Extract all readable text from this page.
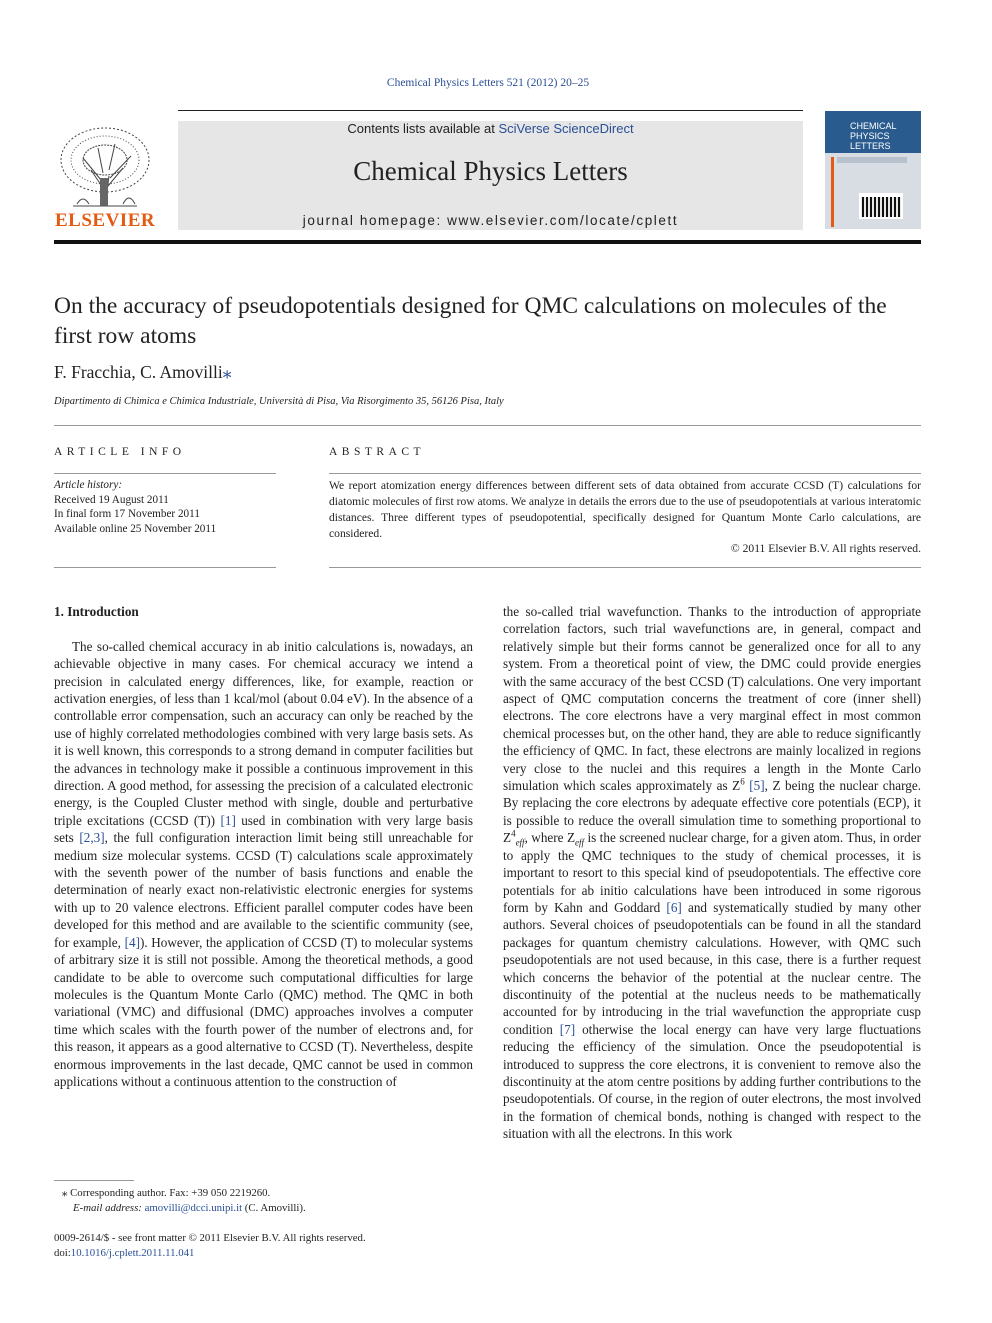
Chemical Physics Letters 521 (2012) 20–25
ELSEVIER
Contents lists available at SciVerse ScienceDirect
Chemical Physics Letters
journal homepage: www.elsevier.com/locate/cplett
CHEMICAL
PHYSICS
LETTERS
On the accuracy of pseudopotentials designed for QMC calculations on molecules of the first row atoms
F. Fracchia, C. Amovilli⁎
Dipartimento di Chimica e Chimica Industriale, Università di Pisa, Via Risorgimento 35, 56126 Pisa, Italy
ARTICLE INFO	ABSTRACT
Article history:
Received 19 August 2011
In final form 17 November 2011
Available online 25 November 2011
We report atomization energy differences between different sets of data obtained from accurate CCSD (T) calculations for diatomic molecules of first row atoms. We analyze in details the errors due to the use of pseudopotentials at various interatomic distances. Three different types of pseudopotential, specifically designed for Quantum Monte Carlo calculations, are considered.
© 2011 Elsevier B.V. All rights reserved.
1. Introduction

The so-called chemical accuracy in ab initio calculations is, nowadays, an achievable objective in many cases. For chemical accuracy we intend a precision in calculated energy differences, like, for example, reaction or activation energies, of less than 1 kcal/mol (about 0.04 eV). In the absence of a controllable error compensation, such an accuracy can only be reached by the use of highly correlated methodologies combined with very large basis sets. As it is well known, this corresponds to a strong demand in computer facilities but the advances in technology make it possible a continuous improvement in this direction. A good method, for assessing the precision of a calculated electronic energy, is the Coupled Cluster method with single, double and perturbative triple excitations (CCSD (T)) [1] used in combination with very large basis sets [2,3], the full configuration interaction limit being still unreachable for medium size molecular systems. CCSD (T) calculations scale approximately with the seventh power of the number of basis functions and enable the determination of nearly exact non-relativistic electronic energies for systems with up to 20 valence electrons. Efficient parallel computer codes have been developed for this method and are available to the scientific community (see, for example, [4]). However, the application of CCSD (T) to molecular systems of arbitrary size it is still not possible. Among the theoretical methods, a good candidate to be able to overcome such computational difficulties for large molecules is the Quantum Monte Carlo (QMC) method. The QMC in both variational (VMC) and diffusional (DMC) approaches involves a computer time which scales with the fourth power of the number of electrons and, for this reason, it appears as a good alternative to CCSD (T). Nevertheless, despite enormous improvements in the last decade, QMC cannot be used in common applications without a continuous attention to the construction of

the so-called trial wavefunction. Thanks to the introduction of appropriate correlation factors, such trial wavefunctions are, in general, compact and relatively simple but their forms cannot be generalized once for all to any system. From a theoretical point of view, the DMC could provide energies with the same accuracy of the best CCSD (T) calculations. One very important aspect of QMC computation concerns the treatment of core (inner shell) electrons. The core electrons have a very marginal effect in most common chemical processes but, on the other hand, they are able to reduce significantly the efficiency of QMC. In fact, these electrons are mainly localized in regions very close to the nuclei and this requires a length in the Monte Carlo simulation which scales approximately as $Z^6$ [5], Z being the nuclear charge. By replacing the core electrons by adequate effective core potentials (ECP), it is possible to reduce the overall simulation time to something proportional to $Z^4_{eff}$, where $Z_{eff}$ is the screened nuclear charge, for a given atom. Thus, in order to apply the QMC techniques to the study of chemical processes, it is important to resort to this special kind of pseudopotentials. The effective core potentials for ab initio calculations have been introduced in some rigorous form by Kahn and Goddard [6] and systematically studied by many other authors. Several choices of pseudopotentials can be found in all the standard packages for quantum chemistry calculations. However, with QMC such pseudopotentials are not used because, in this case, there is a further request which concerns the behavior of the potential at the nuclear centre. The discontinuity of the potential at the nucleus needs to be mathematically accounted for by introducing in the trial wavefunction the appropriate cusp condition [7] otherwise the local energy can have very large fluctuations reducing the efficiency of the simulation. Once the pseudopotential is introduced to suppress the core electrons, it is convenient to remove also the discontinuity at the atom centre positions by adding further contributions to the pseudopotentials. Of course, in the region of outer electrons, the most involved in the formation of chemical bonds, nothing is changed with respect to the situation with all the electrons. In this work

⁎ Corresponding author. Fax: +39 050 2219260.
E-mail address: amovilli@dcci.unipi.it (C. Amovilli).
0009-2614/$ - see front matter © 2011 Elsevier B.V. All rights reserved.
doi:10.1016/j.cplett.2011.11.041
